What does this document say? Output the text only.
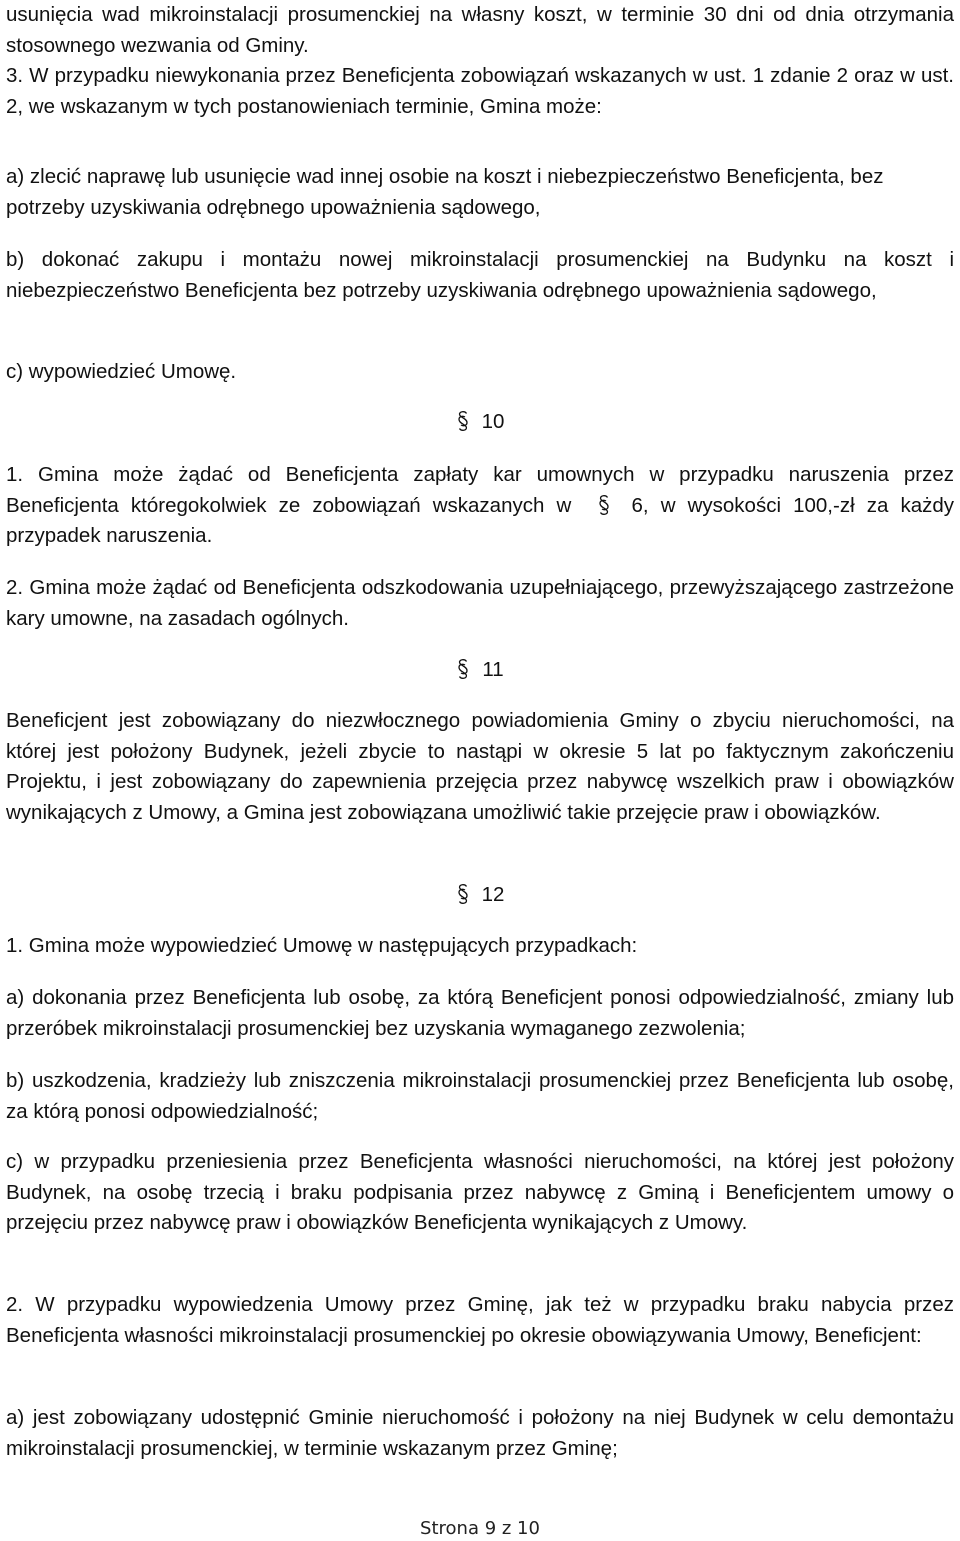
usunięcia wad mikroinstalacji prosumenckiej na własny koszt, w terminie 30 dni od dnia otrzymania stosownego wezwania od Gminy.

3. W przypadku niewykonania przez Beneficjenta zobowiązań wskazanych w ust. 1 zdanie 2 oraz w ust. 2, we wskazanym w tych postanowieniach terminie, Gmina może:

a) zlecić naprawę lub usunięcie wad innej osobie na koszt i niebezpieczeństwo Beneficjenta, bez potrzeby uzyskiwania odrębnego upoważnienia sądowego,

b) dokonać zakupu i montażu nowej mikroinstalacji prosumenckiej na Budynku na koszt i niebezpieczeństwo Beneficjenta bez potrzeby uzyskiwania odrębnego upoważnienia sądowego,

c) wypowiedzieć Umowę.

10

1. Gmina może żądać od Beneficjenta zapłaty kar umownych w przypadku naruszenia przez Beneficjenta któregokolwiek ze zobowiązań wskazanych w	6, w wysokości 100,-zł za każdy przypadek naruszenia.

2. Gmina może żądać od Beneficjenta odszkodowania uzupełniającego, przewyższającego zastrzeżone kary umowne, na zasadach ogólnych.

11

Beneficjent jest zobowiązany do niezwłocznego powiadomienia Gminy o zbyciu nieruchomości, na której jest położony Budynek, jeżeli zbycie to nastąpi w okresie 5 lat po faktycznym zakończeniu Projektu, i jest zobowiązany do zapewnienia przejęcia przez nabywcę wszelkich praw i obowiązków wynikających z Umowy, a Gmina jest zobowiązana umożliwić takie przejęcie praw i obowiązków.

12

1. Gmina może wypowiedzieć Umowę w następujących przypadkach:

a) dokonania przez Beneficjenta lub osobę, za którą Beneficjent ponosi odpowiedzialność, zmiany lub przeróbek mikroinstalacji prosumenckiej bez uzyskania wymaganego zezwolenia;

b) uszkodzenia, kradzieży lub zniszczenia mikroinstalacji prosumenckiej przez Beneficjenta lub osobę, za którą ponosi odpowiedzialność;

c) w przypadku przeniesienia przez Beneficjenta własności nieruchomości, na której jest położony Budynek, na osobę trzecią i braku podpisania przez nabywcę z Gminą i Beneficjentem umowy o przejęciu przez nabywcę praw i obowiązków Beneficjenta wynikających z Umowy.

2. W przypadku wypowiedzenia Umowy przez Gminę, jak też w przypadku braku nabycia przez Beneficjenta własności mikroinstalacji prosumenckiej po okresie obowiązywania Umowy, Beneficjent:

a) jest zobowiązany udostępnić Gminie nieruchomość i położony na niej Budynek w celu demontażu mikroinstalacji prosumenckiej, w terminie wskazanym przez Gminę;

Strona 9 z 10
